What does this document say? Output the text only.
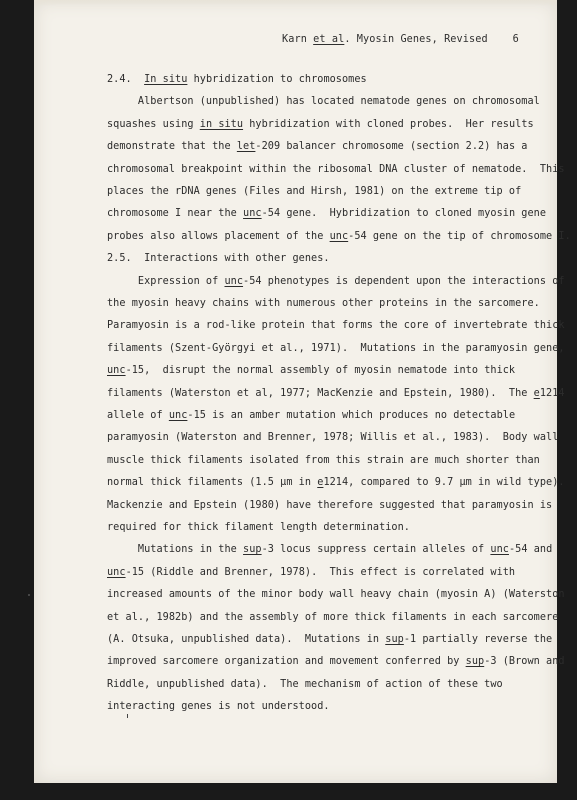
Karn et al. Myosin Genes, Revised 6
2.4.  In situ hybridization to chromosomes
Albertson (unpublished) has located nematode genes on chromosomal
squashes using in situ hybridization with cloned probes.  Her results
demonstrate that the let-209 balancer chromosome (section 2.2) has a
chromosomal breakpoint within the ribosomal DNA cluster of nematode.  This
places the rDNA genes (Files and Hirsh, 1981) on the extreme tip of
chromosome I near the unc-54 gene.  Hybridization to cloned myosin gene
probes also allows placement of the unc-54 gene on the tip of chromosome I.
2.5.  Interactions with other genes.
Expression of unc-54 phenotypes is dependent upon the interactions of
the myosin heavy chains with numerous other proteins in the sarcomere.
Paramyosin is a rod-like protein that forms the core of invertebrate thick
filaments (Szent-Györgyi et al., 1971).  Mutations in the paramyosin gene,
unc-15,  disrupt the normal assembly of myosin nematode into thick
filaments (Waterston et al, 1977; MacKenzie and Epstein, 1980).  The e1214
allele of unc-15 is an amber mutation which produces no detectable
paramyosin (Waterston and Brenner, 1978; Willis et al., 1983).  Body wall
muscle thick filaments isolated from this strain are much shorter than
normal thick filaments (1.5 µm in e1214, compared to 9.7 µm in wild type).
Mackenzie and Epstein (1980) have therefore suggested that paramyosin is
required for thick filament length determination.
Mutations in the sup-3 locus suppress certain alleles of unc-54 and
unc-15 (Riddle and Brenner, 1978).  This effect is correlated with
increased amounts of the minor body wall heavy chain (myosin A) (Waterston
et al., 1982b) and the assembly of more thick filaments in each sarcomere
(A. Otsuka, unpublished data).  Mutations in sup-1 partially reverse the
improved sarcomere organization and movement conferred by sup-3 (Brown and
Riddle, unpublished data).  The mechanism of action of these two
interacting genes is not understood.
